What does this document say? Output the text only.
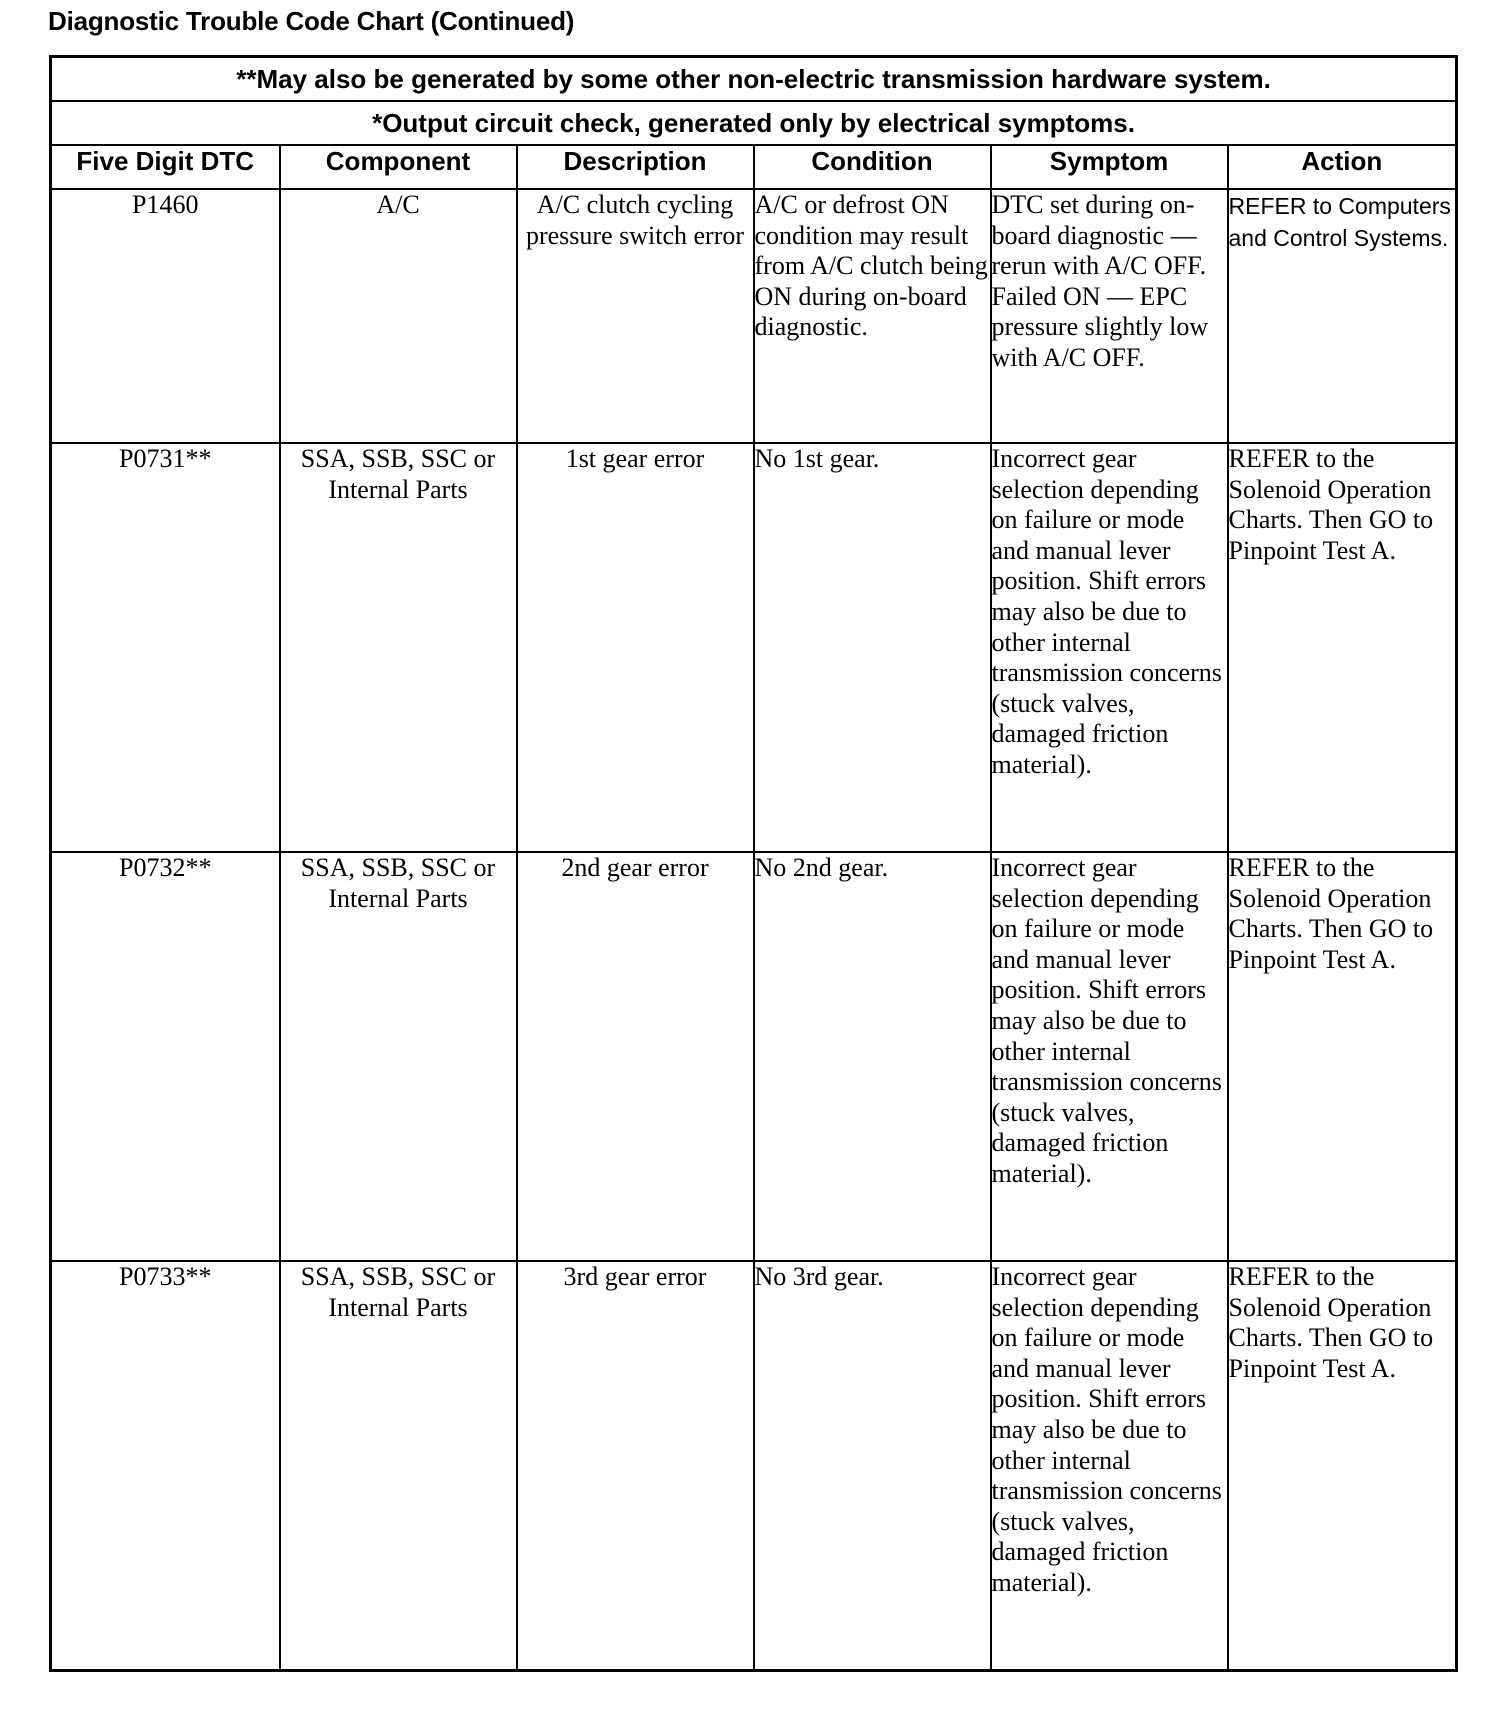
Diagnostic Trouble Code Chart (Continued)
**May also be generated by some other non-electric transmission hardware system.					
*Output circuit check, generated only by electrical symptoms.					
Five Digit DTC	Component	Description	Condition	Symptom	Action
P1460	A/C	A/C clutch cycling pressure switch error	A/C or defrost ON condition may result from A/C clutch being ON during on-board diagnostic.	DTC set during on-board diagnostic — rerun with A/C OFF. Failed ON — EPC pressure slightly low with A/C OFF.	REFER to Computers and Control Systems.
P0731**	SSA, SSB, SSC or Internal Parts	1st gear error	No 1st gear.	Incorrect gear selection depending on failure or mode and manual lever position. Shift errors may also be due to other internal transmission concerns (stuck valves, damaged friction material).	REFER to the Solenoid Operation Charts. Then GO to Pinpoint Test A.
P0732**	SSA, SSB, SSC or Internal Parts	2nd gear error	No 2nd gear.	Incorrect gear selection depending on failure or mode and manual lever position. Shift errors may also be due to other internal transmission concerns (stuck valves, damaged friction material).	REFER to the Solenoid Operation Charts. Then GO to Pinpoint Test A.
P0733**	SSA, SSB, SSC or Internal Parts	3rd gear error	No 3rd gear.	Incorrect gear selection depending on failure or mode and manual lever position. Shift errors may also be due to other internal transmission concerns (stuck valves, damaged friction material).	REFER to the Solenoid Operation Charts. Then GO to Pinpoint Test A.
